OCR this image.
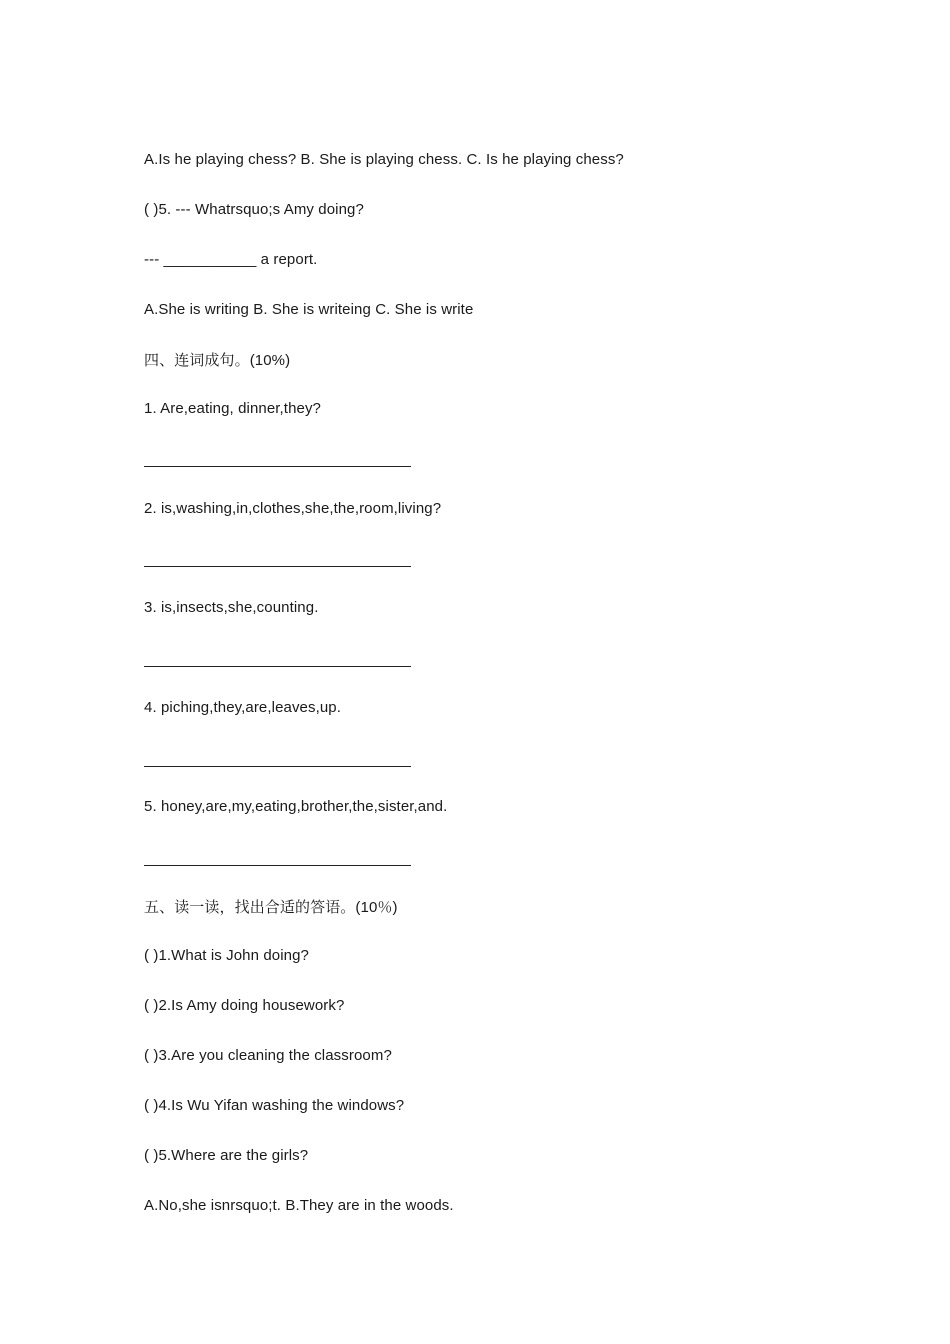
A.Is he playing chess? B. She is playing chess. C. Is he playing chess?
( )5. --- Whatrsquo;s Amy doing?
--- ___________ a report.
A.She is writing B. She is writeing C. She is write
四、连词成句。(10%)
1. Are,eating, dinner,they?
2. is,washing,in,clothes,she,the,room,living?
3. is,insects,she,counting.
4. piching,they,are,leaves,up.
5. honey,are,my,eating,brother,the,sister,and.
五、读一读，找出合适的答语。(10％)
( )1.What is John doing?
( )2.Is Amy doing housework?
( )3.Are you cleaning the classroom?
( )4.Is Wu Yifan washing the windows?
( )5.Where are the girls?
A.No,she isnrsquo;t. B.They are in the woods.
